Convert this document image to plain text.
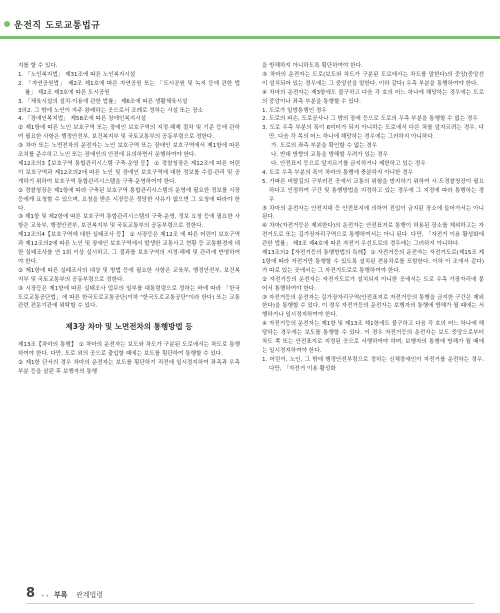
운전직 도로교통법규

지를 할 수 있다.

1. 「노인복지법」 제31조에 따른 노인복지시설

2. 「자연공원법」 제2조 제1호에 따른 자연공원 또는 「도시공원 및 녹지 등에 관한 법률」 제2조 제3호에 따른 도시공원

3. 「체육시설의 설치·이용에 관한 법률」 제6조에 따른 생활체육시설

3의2. 그 밖에 노인이 자주 왕래하는 곳으로서 조례로 정하는 시설 또는 장소

4. 「장애인복지법」 제58조에 따른 장애인복지시설

② 제1항에 따른 노인 보호구역 또는 장애인 보호구역의 지정·해제 절차 및 기준 등에 관하여 필요한 사항은 행정안전부, 보건복지부 및 국토교통부의 공동부령으로 정한다.

③ 차마 또는 노면전차의 운전자는 노인 보호구역 또는 장애인 보호구역에서 제1항에 따른 조치를 준수하고 노인 또는 장애인의 안전에 유의하면서 운행하여야 한다.

제12조의3【보호구역 통합관리시스템 구축·운영 등】 ① 경찰청장은 제12조에 따른 어린이 보호구역과 제12조의2에 따른 노인 및 장애인 보호구역에 대한 정보를 수집·관리 및 공개하기 위하여 보호구역 통합관리시스템을 구축·운영하여야 한다.

② 경찰청장은 제1항에 따라 구축된 보호구역 통합관리시스템의 운영에 필요한 정보를 시장등에게 요청할 수 있으며, 요청을 받은 시장등은 정당한 사유가 없으면 그 요청에 따라야 한다.

③ 제1항 및 제2항에 따른 보호구역 통합관리시스템의 구축·운영, 정보 요청 등에 필요한 사항은 교육부, 행정안전부, 보건복지부 및 국토교통부의 공동부령으로 정한다.

제12조의4【보호구역에 대한 실태조사 등】 ① 시장등은 제12조 에 따른 어린이 보호구역과 제12조의2에 따른 노인 및 장애인 보호구역에서 발생한 교통사고 현황 등 교통환경에 대한 실태조사를 연 1회 이상 실시하고, 그 결과를 보호구역의 지정·해제 및 관리에 반영하여야 한다.

② 제1항에 따른 실태조사의 대상 및 방법 등에 필요한 사항은 교육부, 행정안전부, 보건복지부 및 국토교통부의 공동부령으로 정한다.

③ 시장등은 제1항에 따른 실태조사 업무의 일부를 대통령령으로 정하는 바에 따라 「한국도로교통공단법」에 따른 한국도로교통공단(이하 "한국도로교통공단"이라 한다) 또는 교통 관련 전문기관에 위탁할 수 있다.

제3장 차마 및 노면전차의 통행방법 등

제13조【차마의 통행】 ① 차마의 운전자는 보도와 차도가 구분된 도로에서는 차도로 통행하여야 한다. 다만, 도로 외의 곳으로 출입할 때에는 보도를 횡단하여 통행할 수 있다.

② 제1항 단서의 경우 차마의 운전자는 보도를 횡단하기 직전에 일시정지하여 좌측과 우측 부분 등을 살핀 후 보행자의 통행

을 방해하지 아니하도록 횡단하여야 한다.

③ 차마의 운전자는 도로(보도와 차도가 구분된 도로에서는 차도를 말한다)의 중앙(중앙선이 설치되어 있는 경우에는 그 중앙선을 말한다. 이하 같다) 우측 부분을 통행하여야 한다.

④ 차마의 운전자는 제3항에도 불구하고 다음 각 호의 어느 하나에 해당하는 경우에는 도로의 중앙이나 좌측 부분을 통행할 수 있다.

1. 도로가 일방통행인 경우

2. 도로의 파손, 도로공사나 그 밖의 장애 등으로 도로의 우측 부분을 통행할 수 없는 경우

3. 도로 우측 부분의 폭이 6미터가 되지 아니하는 도로에서 다른 차를 앞지르려는 경우. 다만, 다음 각 목의 어느 하나에 해당하는 경우에는 그러하지 아니하다.

가. 도로의 좌측 부분을 확인할 수 없는 경우

나. 반대 방향의 교통을 방해할 우려가 있는 경우

다. 안전표지 등으로 앞지르기를 금지하거나 제한하고 있는 경우

4. 도로 우측 부분의 폭이 차마의 통행에 충분하지 아니한 경우

5. 가파른 비탈길의 구부러진 곳에서 교통의 위험을 방지하기 위하여 시·도경찰청장이 필요하다고 인정하여 구간 및 통행방법을 지정하고 있는 경우에 그 지정에 따라 통행하는 경우

⑤ 차마의 운전자는 안전지대 등 안전표지에 의하여 진입이 금지된 장소에 들어가서는 아니 된다.

⑥ 차마(자전거등은 제외한다)의 운전자는 안전표지로 통행이 허용된 장소를 제외하고는 자전거도로 또는 길가장자리구역으로 통행하여서는 아니 된다. 다만, 「자전거 이용 활성화에 관한 법률」 제3조 제4호에 따른 자전거 우선도로의 경우에는 그러하지 아니하다.

제13조의2【자전거등의 통행방법의 특례】 ① 자전거등의 운전자는 자전거도로(제15조 제1항에 따라 자전거만 통행할 수 있도록 설치된 전용차로를 포함한다. 이하 이 조에서 같다)가 따로 있는 곳에서는 그 자전거도로로 통행하여야 한다.

② 자전거등의 운전자는 자전거도로가 설치되지 아니한 곳에서는 도로 우측 가장자리에 붙어서 통행하여야 한다.

③ 자전거등의 운전자는 길가장자리구역(안전표지로 자전거등의 통행을 금지한 구간은 제외한다)을 통행할 수 있다. 이 경우 자전거등의 운전자는 보행자의 통행에 방해가 될 때에는 서행하거나 일시정지하여야 한다.

④ 자전거등의 운전자는 제1항 및 제13조 제1항에도 불구하고 다음 각 호의 어느 하나에 해당하는 경우에는 보도를 통행할 수 있다. 이 경우 자전거등의 운전자는 보도 중앙으로부터 차도 쪽 또는 안전표지로 지정된 곳으로 서행하여야 하며, 보행자의 통행에 방해가 될 때에는 일시정지하여야 한다.

1. 어린이, 노인, 그 밖에 행정안전부령으로 정하는 신체장애인이 자전거를 운전하는 경우. 다만, 「자전거 이용 활성화

8 •• 부록 관계법령
